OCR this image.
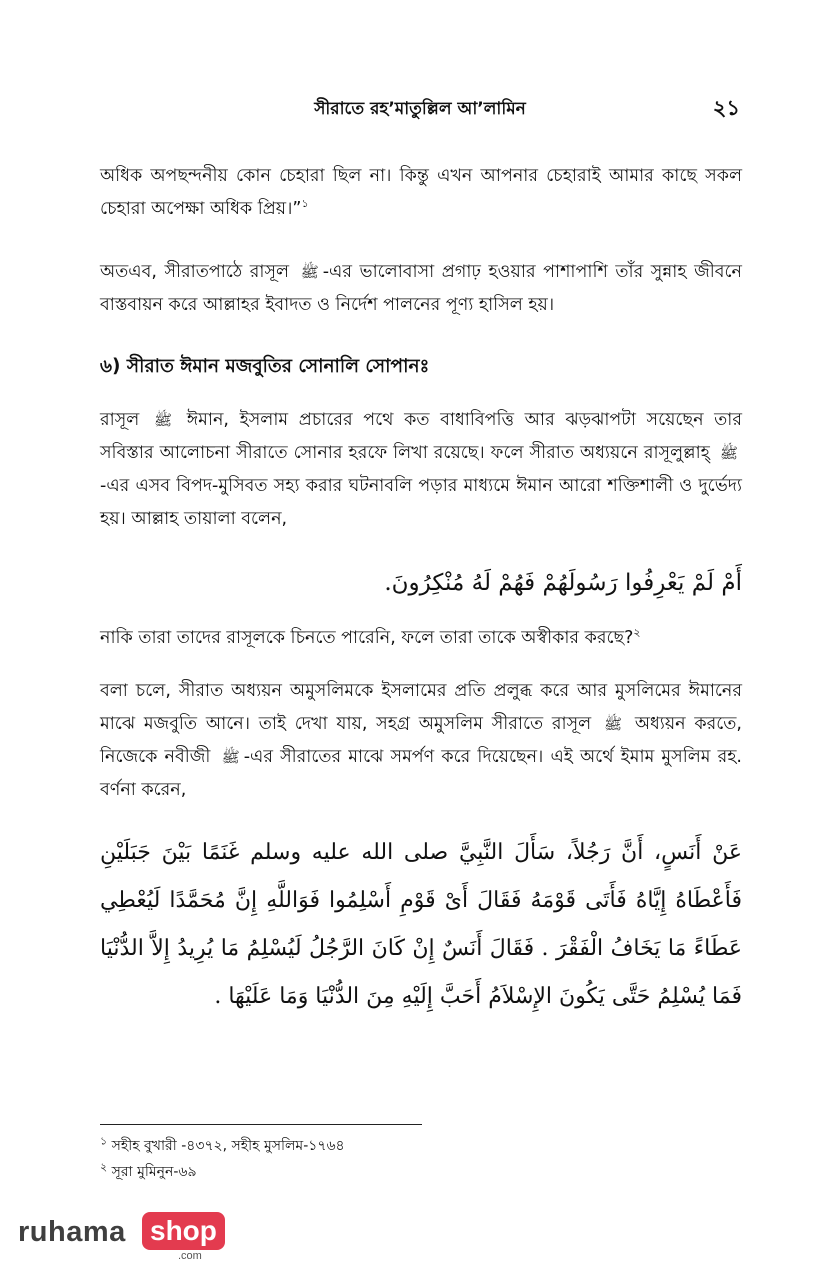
সীরাতে রহ’মাতুল্লিল আ’লামিন	২১

অধিক অপছন্দনীয় কোন চেহারা ছিল না। কিন্তু এখন আপনার চেহারাই আমার কাছে সকল চেহারা অপেক্ষা অধিক প্রিয়।”$^১$

অতএব, সীরাতপাঠে রাসূল ﷺ -এর ভালোবাসা প্রগাঢ় হওয়ার পাশাপাশি তাঁর সুন্নাহ জীবনে বাস্তবায়ন করে আল্লাহর ইবাদত ও নির্দেশ পালনের পূণ্য হাসিল হয়।

৬) সীরাত ঈমান মজবুতির সোনালি সোপানঃ

রাসূল ﷺ ঈমান, ইসলাম প্রচারের পথে কত বাধাবিপত্তি আর ঝড়ঝাপটা সয়েছেন তার সবিস্তার আলোচনা সীরাতে সোনার হরফে লিখা রয়েছে। ফলে সীরাত অধ্যয়নে রাসূলুল্লাহ্ ﷺ-এর এসব বিপদ-মুসিবত সহ্য করার ঘটনাবলি পড়ার মাধ্যমে ঈমান আরো শক্তিশালী ও দুর্ভেদ্য হয়। আল্লাহ তায়ালা বলেন,

أَمْ لَمْ يَعْرِفُوا رَسُولَهُمْ فَهُمْ لَهُ مُنْكِرُونَ.

নাকি তারা তাদের রাসূলকে চিনতে পারেনি, ফলে তারা তাকে অস্বীকার করছে?$^২$

বলা চলে, সীরাত অধ্যয়ন অমুসলিমকে ইসলামের প্রতি প্রলুব্ধ করে আর মুসলিমের ঈমানের মাঝে মজবুতি আনে। তাই দেখা যায়, সহগ্র অমুসলিম সীরাতে রাসূল ﷺ অধ্যয়ন করতে, নিজেকে নবীজী ﷺ -এর সীরাতের মাঝে সমর্পণ করে দিয়েছেন। এই অর্থে ইমাম মুসলিম রহ. বর্ণনা করেন,

عَنْ أَنَسٍ، أَنَّ رَجُلاً، سَأَلَ النَّبِيَّ صلى الله عليه وسلم غَنَمًا بَيْنَ جَبَلَيْنِ فَأَعْطَاهُ إِيَّاهُ فَأَتَى قَوْمَهُ فَقَالَ أَىْ قَوْمِ أَسْلِمُوا فَوَاللَّهِ إِنَّ مُحَمَّدًا لَيُعْطِي عَطَاءً مَا يَخَافُ الْفَقْرَ . فَقَالَ أَنَسٌ إِنْ كَانَ الرَّجُلُ لَيُسْلِمُ مَا يُرِيدُ إِلاَّ الدُّنْيَا فَمَا يُسْلِمُ حَتَّى يَكُونَ الإِسْلاَمُ أَحَبَّ إِلَيْهِ مِنَ الدُّنْيَا وَمَا عَلَيْهَا .

$^১$ সহীহ বুখারী -৪৩৭২, সহীহ মুসলিম-১৭৬৪
$^২$ সূরা মুমিনুন-৬৯
ruhama shop
.com
